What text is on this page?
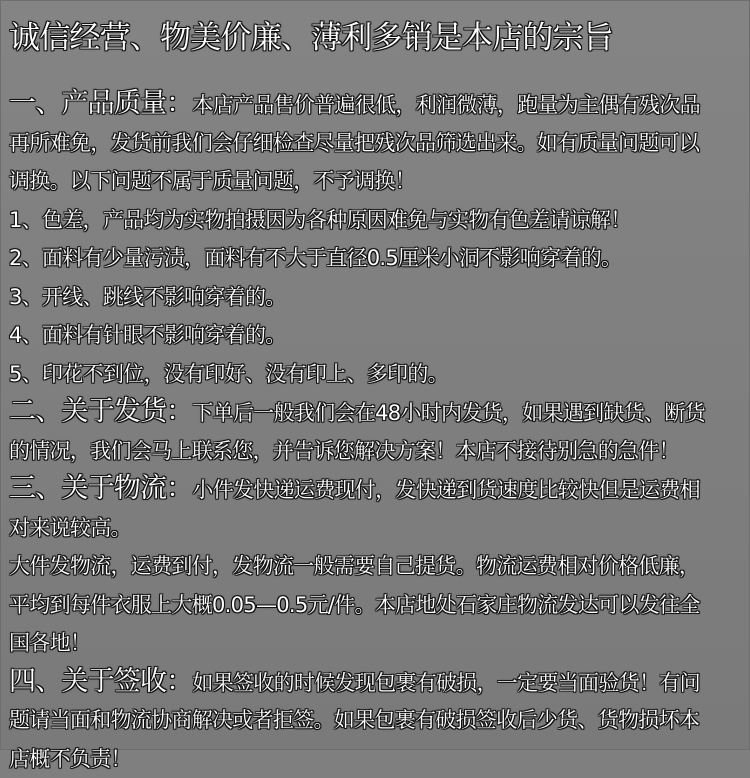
诚信经营、物美价廉、薄利多销是本店的宗旨
一、产品质量：本店产品售价普遍很低，利润微薄，跑量为主偶有残次品
再所难免，发货前我们会仔细检查尽量把残次品筛选出来。如有质量问题可以
调换。以下问题不属于质量问题，不予调换！
1、色差，产品均为实物拍摄因为各种原因难免与实物有色差请谅解！
2、面料有少量污渍，面料有不大于直径0.5厘米小洞不影响穿着的。
3、开线、跳线不影响穿着的。
4、面料有针眼不影响穿着的。
5、印花不到位，没有印好、没有印上、多印的。
二、关于发货：下单后一般我们会在48小时内发货，如果遇到缺货、断货
的情况，我们会马上联系您，并告诉您解决方案！本店不接待别急的急件！
三、关于物流：小件发快递运费现付，发快递到货速度比较快但是运费相
对来说较高。
大件发物流，运费到付，发物流一般需要自己提货。物流运费相对价格低廉，
平均到每件衣服上大概0.05—0.5元/件。本店地处石家庄物流发达可以发往全
国各地！
四、关于签收：如果签收的时候发现包裹有破损，一定要当面验货！有问
题请当面和物流协商解决或者拒签。如果包裹有破损签收后少货、货物损坏本
店概不负责！
